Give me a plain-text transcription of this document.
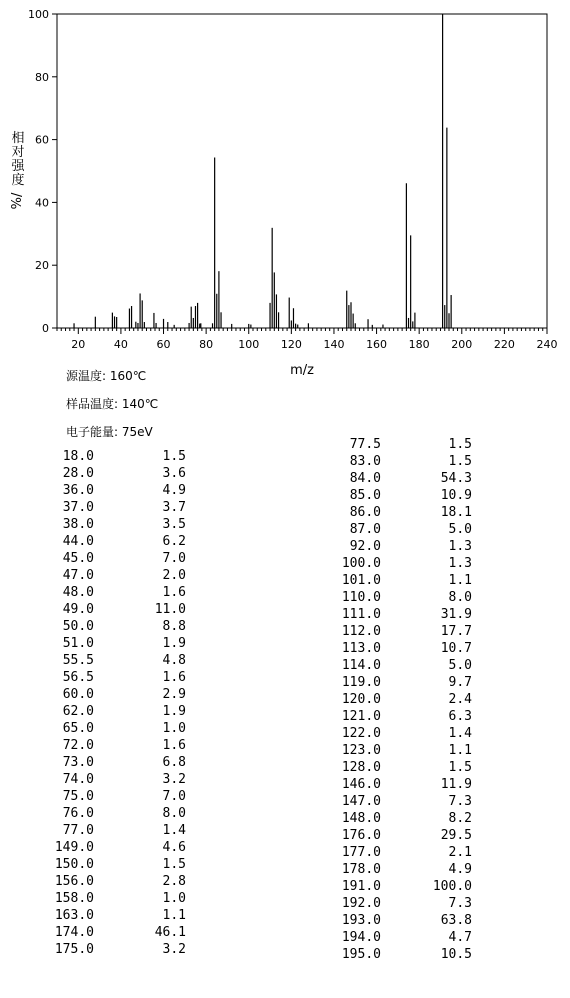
相
对
强
度
%/
20	40	60	80 100 120 140 160 180 200 220 240
0
20
40
60
80
100
m/z
源温度: 160℃
样品温度: 140℃
电子能量: 75eV
18.0	1.5
28.0	3.6
36.0	4.9
37.0	3.7
38.0	3.5
44.0	6.2
45.0	7.0
47.0	2.0
48.0	1.6
49.0	11.0
50.0	8.8
51.0	1.9
55.5	4.8
56.5	1.6
60.0	2.9
62.0	1.9
65.0	1.0
72.0	1.6
73.0	6.8
74.0	3.2
75.0	7.0
76.0	8.0
77.0	1.4
149.0	4.6
150.0	1.5
156.0	2.8
158.0	1.0
163.0	1.1
174.0	46.1
175.0	3.2
77.5	1.5
83.0	1.5
84.0	54.3
85.0	10.9
86.0	18.1
87.0	5.0
92.0	1.3
100.0	1.3
101.0	1.1
110.0	8.0
111.0	31.9
112.0	17.7
113.0	10.7
114.0	5.0
119.0	9.7
120.0	2.4
121.0	6.3
122.0	1.4
123.0	1.1
128.0	1.5
146.0	11.9
147.0	7.3
148.0	8.2
176.0	29.5
177.0	2.1
178.0	4.9
191.0	100.0
192.0	7.3
193.0	63.8
194.0	4.7
195.0	10.5
